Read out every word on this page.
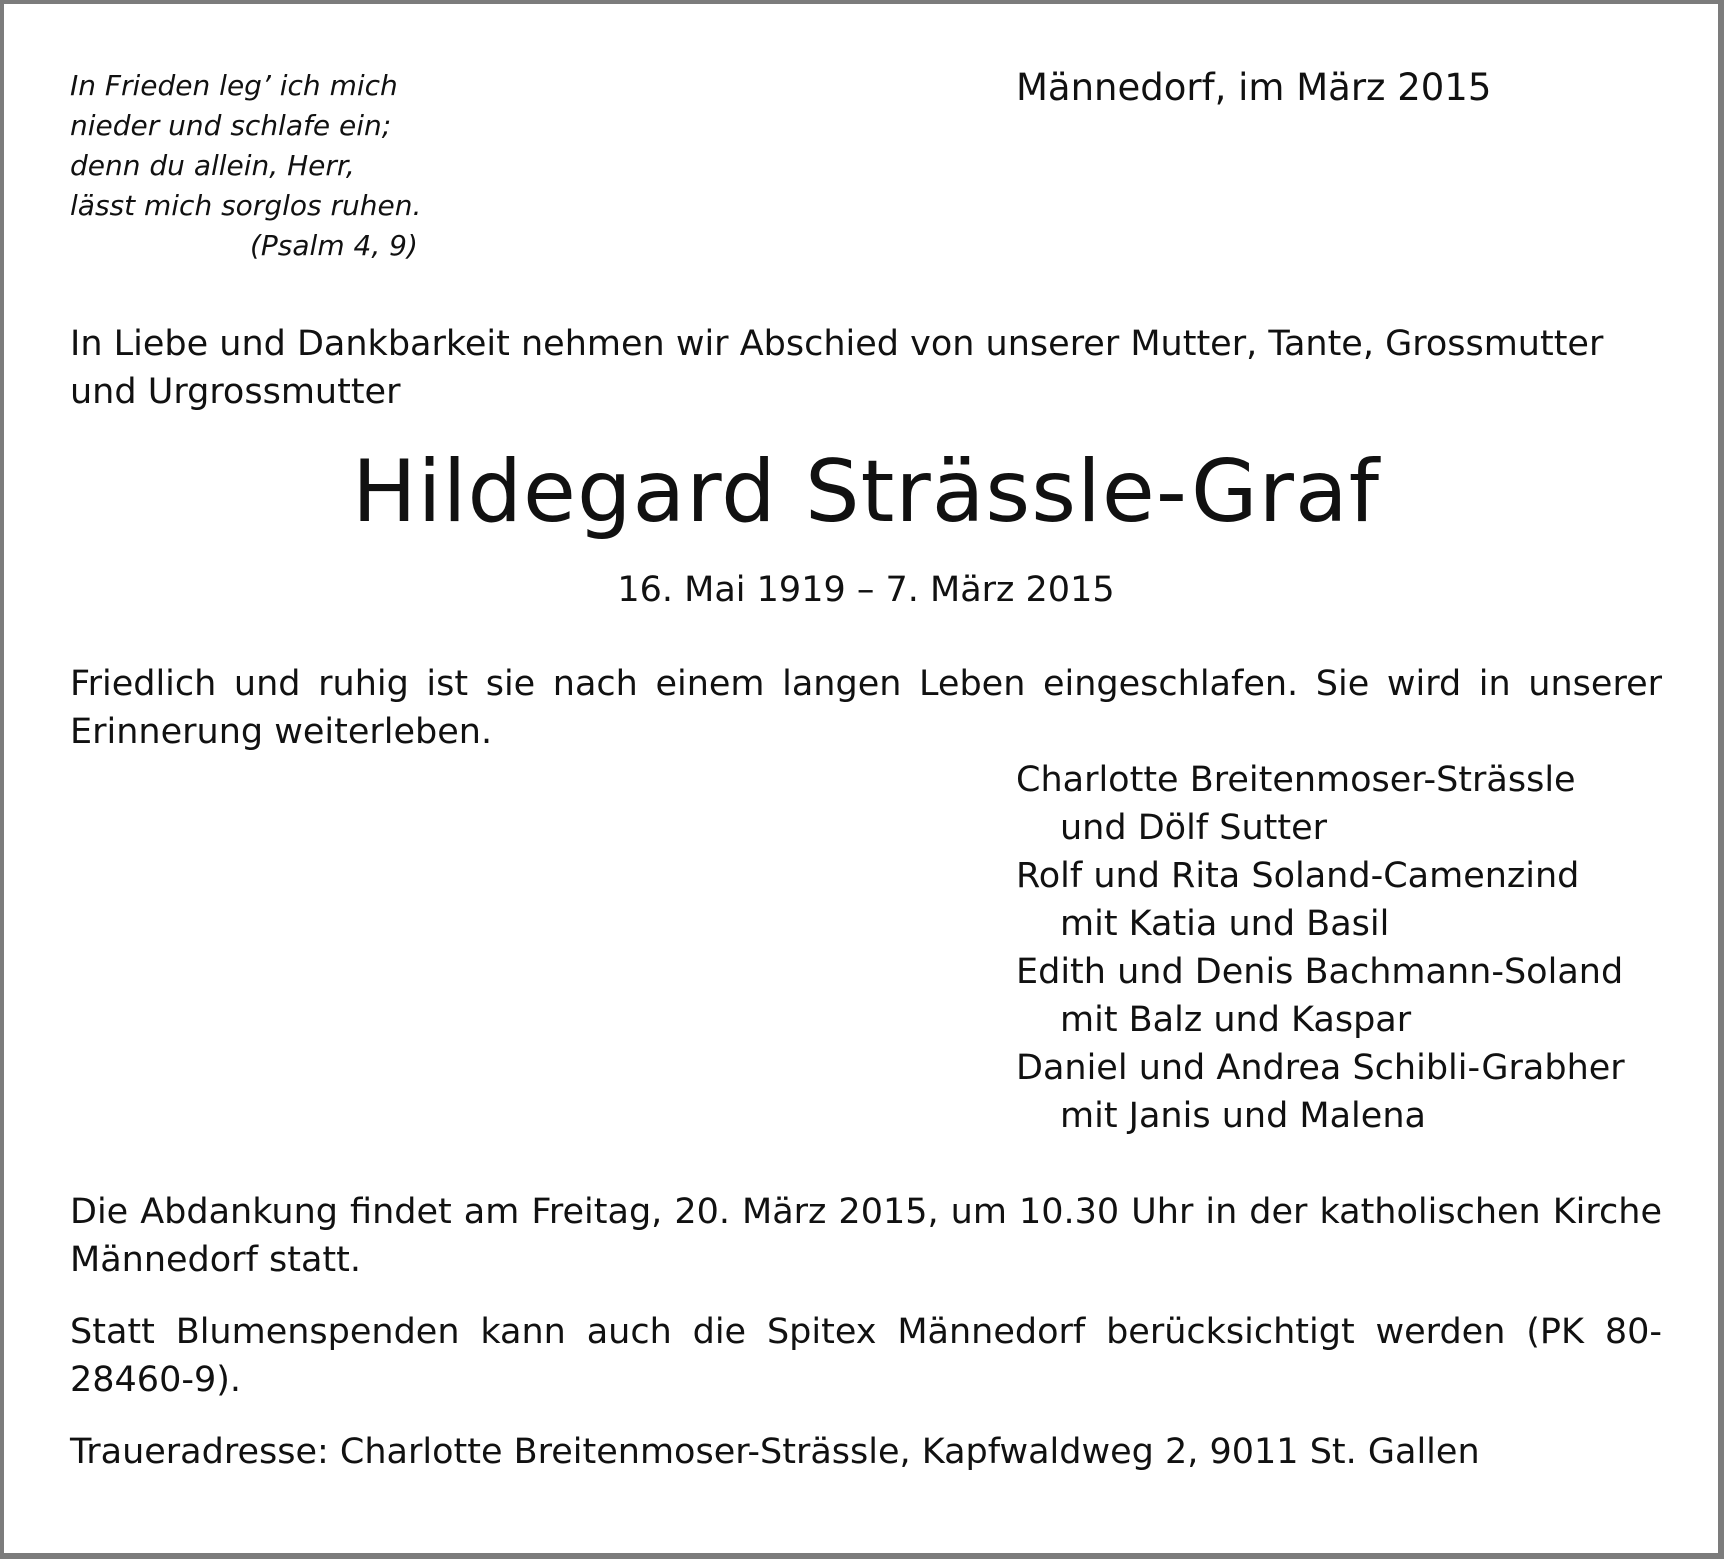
In Frieden leg’ ich mich
nieder und schlafe ein;
denn du allein, Herr,
lässt mich sorglos ruhen.
(Psalm 4, 9)

Männedorf, im März 2015

In Liebe und Dankbarkeit nehmen wir Abschied von unserer Mutter, Tante, Grossmutter und Urgrossmutter

Hildegard Strässle-Graf

16. Mai 1919 – 7. März 2015

Friedlich und ruhig ist sie nach einem langen Leben eingeschlafen. Sie wird in unserer Erinnerung weiterleben.

Charlotte Breitenmoser-Strässle
und Dölf Sutter
Rolf und Rita Soland-Camenzind
mit Katia und Basil
Edith und Denis Bachmann-Soland
mit Balz und Kaspar
Daniel und Andrea Schibli-Grabher
mit Janis und Malena

Die Abdankung findet am Freitag, 20. März 2015, um 10.30 Uhr in der katholischen Kirche Männedorf statt.

Statt Blumenspenden kann auch die Spitex Männedorf berücksichtigt werden (PK 80-28460-9).

Traueradresse: Charlotte Breitenmoser-Strässle, Kapfwaldweg 2, 9011 St. Gallen
